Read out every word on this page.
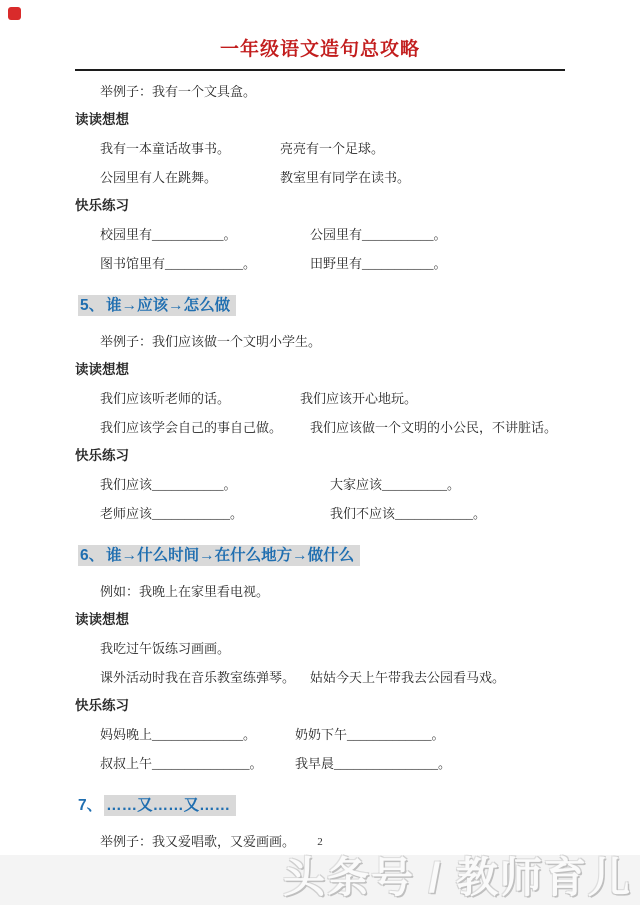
一年级语文造句总攻略
举例子：我有一个文具盒。
读读想想
我有一本童话故事书。	亮亮有一个足球。
公园里有人在跳舞。	教室里有同学在读书。
快乐练习
校园里有___________。	公园里有___________。
图书馆里有____________。	田野里有___________。
5、 谁→应该→怎么做
举例子：我们应该做一个文明小学生。
读读想想
我们应该听老师的话。	我们应该开心地玩。
我们应该学会自己的事自己做。	我们应该做一个文明的小公民，不讲脏话。
快乐练习
我们应该___________。	大家应该__________。
老师应该____________。	我们不应该____________。
6、 谁→什么时间→在什么地方→做什么
例如：我晚上在家里看电视。
读读想想
我吃过午饭练习画画。
课外活动时我在音乐教室练弹琴。	姑姑今天上午带我去公园看马戏。
快乐练习
妈妈晚上______________。	奶奶下午_____________。
叔叔上午_______________。	我早晨________________。
7、 ……又……又……
举例子：我又爱唱歌，又爱画画。	2
头条号 / 教师育儿
